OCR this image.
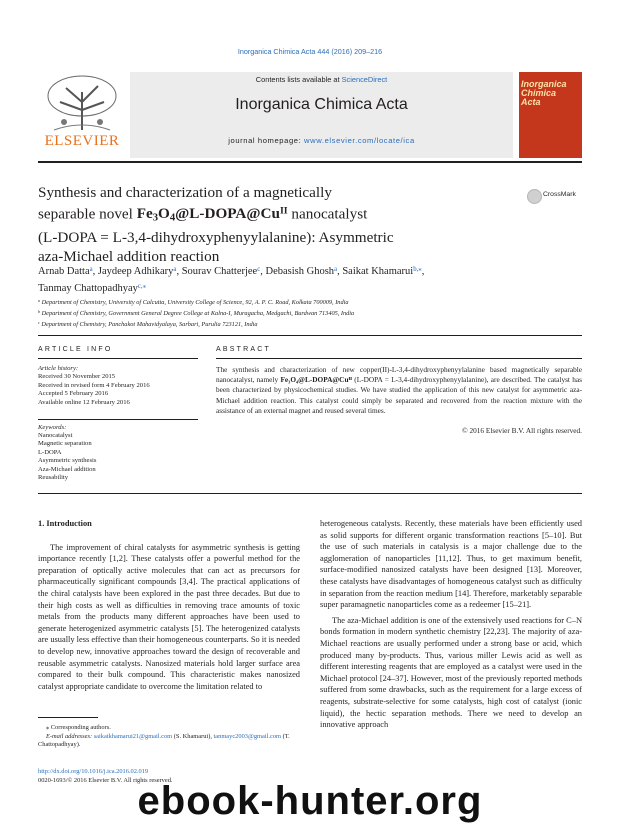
Inorganica Chimica Acta 444 (2016) 209–216
ELSEVIER
Contents lists available at ScienceDirect
Inorganica Chimica Acta
journal homepage: www.elsevier.com/locate/ica
Inorganica
Chimica
Acta
Synthesis and characterization of a magnetically
separable novel $Fe_3O_4@L-DOPA@Cu^{II}$ nanocatalyst
(L-DOPA = L-3,4-dihydroxyphenyylalanine): Asymmetric
aza-Michael addition reaction
CrossMark
Arnab Datta$^a$, Jaydeep Adhikary$^a$, Sourav Chatterjee$^c$, Debasish Ghosh$^a$, Saikat Khamarui$^{b,⁎}$,
Tanmay Chattopadhyay$^{c,⁎}$
$^a$ Department of Chemistry, University of Calcutta, University College of Science, 92, A. P. C. Road, Kolkata 700009, India
$^b$ Department of Chemistry, Government General Degree College at Kalna-I, Muragacha, Medgachi, Burdwan 713405, India
$^c$ Department of Chemistry, Panchakot Mahavidyalaya, Sarbari, Purulia 723121, India
ARTICLE INFO	ABSTRACT
Article history:
Received 30 November 2015
Received in revised form 4 February 2016
Accepted 5 February 2016
Available online 12 February 2016
Keywords:
Nanocatalyst
Magnetic separation
L-DOPA
Asymmetric synthesis
Aza-Michael addition
Reusability
The synthesis and characterization of new copper(II)-L-3,4-dihydroxyphenyylalanine based magnetically separable nanocatalyst, namely Fe₃O₄@L-DOPA@Cuᴵᴵ (L-DOPA = L-3,4-dihydroxyphenyylalanine), are described. The catalyst has been characterized by physicochemical studies. We have studied the application of this new catalyst for asymmetric aza-Michael addition reaction. This catalyst could simply be separated and recovered from the reaction mixture with the assistance of an external magnet and reused several times.
© 2016 Elsevier B.V. All rights reserved.
1. Introduction
The improvement of chiral catalysts for asymmetric synthesis is getting importance recently [1,2]. These catalysts offer a powerful method for the preparation of optically active molecules that can act as precursors for pharmaceutically significant compounds [3,4]. The practical applications of the chiral catalysts have been explored in the past three decades. But due to their high costs as well as difficulties in removing trace amounts of toxic metals from the products many different approaches have been used to generate heterogenized asymmetric catalysts [5]. The heterogenized catalysts are usually less effective than their homogeneous counterparts. So it is needed to develop new, innovative approaches toward the design of recoverable and reusable asymmetric catalysts. Nanosized materials hold larger surface area compared to their bulk compound. This characteristic makes nanosized catalyst appropriate candidate to overcome the limitation related to
heterogeneous catalysts. Recently, these materials have been efficiently used as solid supports for different organic transformation reactions [5–10]. But the use of such materials in catalysis is a major challenge due to the agglomeration of nanoparticles [11,12]. Thus, to get maximum benefit, surface-modified nanosized catalysts have been designed [13]. Moreover, these catalysts have disadvantages of homogeneous catalyst such as difficulty in separation from the reaction medium [14]. Therefore, marketably separable super paramagnetic nanoparticles come as a redeemer [15–21].
The aza-Michael addition is one of the extensively used reactions for C–N bonds formation in modern synthetic chemistry [22,23]. The majority of aza-Michael reactions are usually performed under a strong base or acid, which produced many by-products. Thus, various miller Lewis acid as well as different interesting reagents that are employed as a catalyst were used in the Michael protocol [24–37]. However, most of the previously reported methods suffered from some drawbacks, such as the requirement for a large excess of reagents, substrate-selective for some catalysts, high cost of catalyst (ionic liquid), the hectic separation methods. There we need to develop an innovative approach
⁎ Corresponding authors.
E-mail addresses: saikatkhamarui21@gmail.com (S. Khamarui), tanmayc2003@gmail.com (T. Chattopadhyay).
http://dx.doi.org/10.1016/j.ica.2016.02.019
0020-1693/© 2016 Elsevier B.V. All rights reserved.
ebook-hunter.org
